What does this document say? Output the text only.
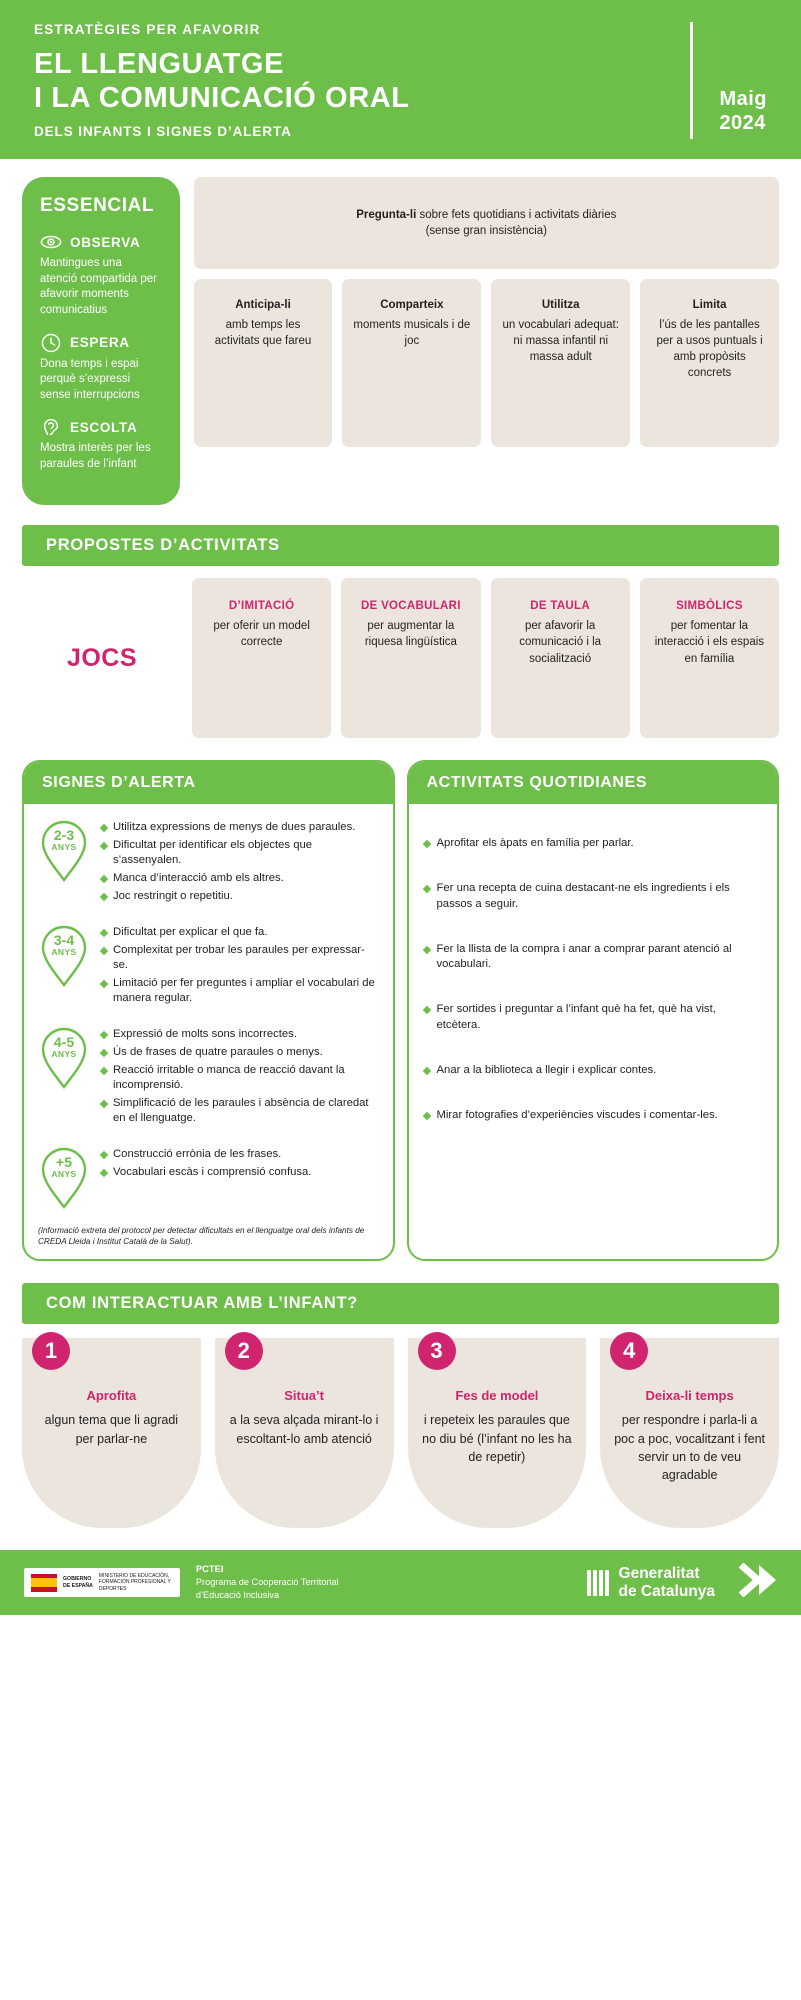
ESTRATÈGIES PER AFAVORIR
EL LLENGUATGE
I LA COMUNICACIÓ ORAL
DELS INFANTS I SIGNES D’ALERTA
Maig
2024
ESSENCIAL
OBSERVA
Mantingues una atenció compartida per afavorir moments comunicatius
ESPERA
Dona temps i espai perquè s’expressi sense interrupcions
ESCOLTA
Mostra interès per les paraules de l’infant
Pregunta-li sobre fets quotidians i activitats diàries
(sense gran insistència)
Anticipa-li
amb temps les activitats que fareu
Comparteix
moments musicals i de joc
Utilitza
un vocabulari adequat: ni massa infantil ni massa adult
Limita
l’ús de les pantalles per a usos puntuals i amb propòsits concrets
PROPOSTES D’ACTIVITATS
JOCS
D’IMITACIÓ
per oferir un model correcte
DE VOCABULARI
per augmentar la riquesa lingüística
DE TAULA
per afavorir la comunicació i la socialització
SIMBÒLICS
per fomentar la interacció i els espais en família
SIGNES D’ALERTA
2-3
ANYS
Utilitza expressions de menys de dues paraules.
Dificultat per identificar els objectes que s’assenyalen.
Manca d’interacció amb els altres.
Joc restringit o repetitiu.
3-4
ANYS
Dificultat per explicar el que fa.
Complexitat per trobar les paraules per expressar-se.
Limitació per fer preguntes i ampliar el vocabulari de manera regular.
4-5
ANYS
Expressió de molts sons incorrectes.
Ús de frases de quatre paraules o menys.
Reacció irritable o manca de reacció davant la incomprensió.
Simplificació de les paraules i absència de claredat en el llenguatge.
+5
ANYS
Construcció errònia de les frases.
Vocabulari escàs i comprensió confusa.
(Informació extreta del protocol per detectar dificultats en el llenguatge oral dels infants de CREDA Lleida i Institut Català de la Salut).
ACTIVITATS QUOTIDIANES
Aprofitar els àpats en família per parlar.
Fer una recepta de cuina destacant-ne els ingredients i els passos a seguir.
Fer la llista de la compra i anar a comprar parant atenció al vocabulari.
Fer sortides i preguntar a l’infant què ha fet, què ha vist, etcètera.
Anar a la biblioteca a llegir i explicar contes.
Mirar fotografies d’experiències viscudes i comentar-les.
COM INTERACTUAR AMB L’INFANT?
1
Aprofita
algun tema que li agradi per parlar-ne
2
Situa’t
a la seva alçada mirant-lo i escoltant-lo amb atenció
3
Fes de model
i repeteix les paraules que no diu bé (l’infant no les ha de repetir)
4
Deixa-li temps
per respondre i parla-li a poc a poc, vocalitzant i fent servir un to de veu agradable
GOBIERNO
DE ESPAÑA
MINISTERIO DE EDUCACIÓN, FORMACIÓN PROFESIONAL Y DEPORTES
PCTEI
Programa de Cooperació Territorial
d’Educació Inclusiva
Generalitat
de Catalunya
